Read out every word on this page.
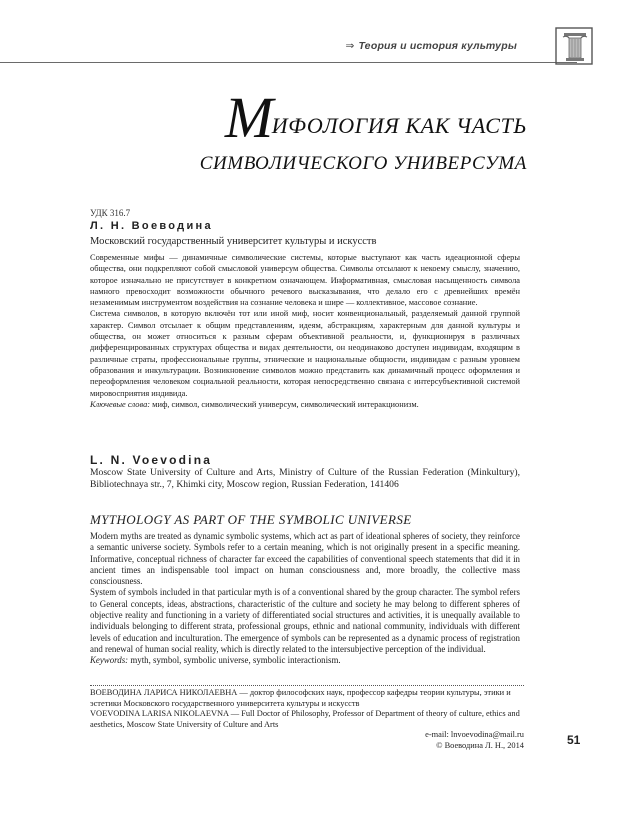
⇒ Теория и история культуры
МИФОЛОГИЯ КАК ЧАСТЬ
СИМВОЛИЧЕСКОГО УНИВЕРСУМА
УДК 316.7
Л. Н. Воеводина
Московский государственный университет культуры и искусств

Современные мифы — динамичные символические системы, которые выступают как часть идеационной сферы общества, они подкрепляют собой смысловой универсум общества. Символы отсылают к некоему смыслу, значению, которое изначально не присутствует в конкретном означающем. Информативная, смысловая насыщенность символа намного превосходит возможности обычного речевого высказывания, что делало его с древнейших времён незаменимым инструментом воздействия на сознание человека и шире — коллективное, массовое сознание.

Система символов, в которую включён тот или иной миф, носит конвенциональный, разделяемый данной группой характер. Символ отсылает к общим представлениям, идеям, абстракциям, характерным для данной культуры и общества, он может относиться к разным сферам объективной реальности, и, функционируя в различных дифференцированных структурах общества и видах деятельности, он неодинаково доступен индивидам, входящим в различные страты, профессиональные группы, этнические и национальные общности, индивидам с разным уровнем образования и инкультурации. Возникновение символов можно представить как динамичный процесс оформления и переоформления человеком социальной реальности, которая непосредственно связана с интерсубъективной системой мировосприятия индивида.

Ключевые слова: миф, символ, символический универсум, символический интеракционизм.

L. N. Voevodina
Moscow State University of Culture and Arts, Ministry of Culture of the Russian Federation (Minkultury), Bibliotechnaya str., 7, Khimki city, Moscow region, Russian Federation, 141406
MYTHOLOGY AS PART OF THE SYMBOLIC UNIVERSE

Modern myths are treated as dynamic symbolic systems, which act as part of ideational spheres of society, they reinforce a semantic universe society. Symbols refer to a certain meaning, which is not originally present in a specific meaning. Informative, conceptual richness of character far exceed the capabilities of conventional speech statements that did it in ancient times an indispensable tool impact on human consciousness and, more broadly, the collective mass consciousness.

System of symbols included in that particular myth is of a conventional shared by the group character. The symbol refers to General concepts, ideas, abstractions, characteristic of the culture and society he may belong to different spheres of objective reality and functioning in a variety of differentiated social structures and activities, it is unequally available to individuals belonging to different strata, professional groups, ethnic and national community, individuals with different levels of education and inculturation. The emergence of symbols can be represented as a dynamic process of registration and renewal of human social reality, which is directly related to the intersubjective perception of the individual.

Keywords: myth, symbol, symbolic universe, symbolic interactionism.

ВОЕВОДИНА ЛАРИСА НИКОЛАЕВНА — доктор философских наук, профессор кафедры теории культуры, этики и эстетики Московского государственного университета культуры и искусств

VOEVODINA LARISA NIKOLAEVNA — Full Doctor of Philosophy, Professor of Department of theory of culture, ethics and aesthetics, Moscow State University of Culture and Arts

e-mail: lnvoevodina@mail.ru
© Воеводина Л. Н., 2014	51
